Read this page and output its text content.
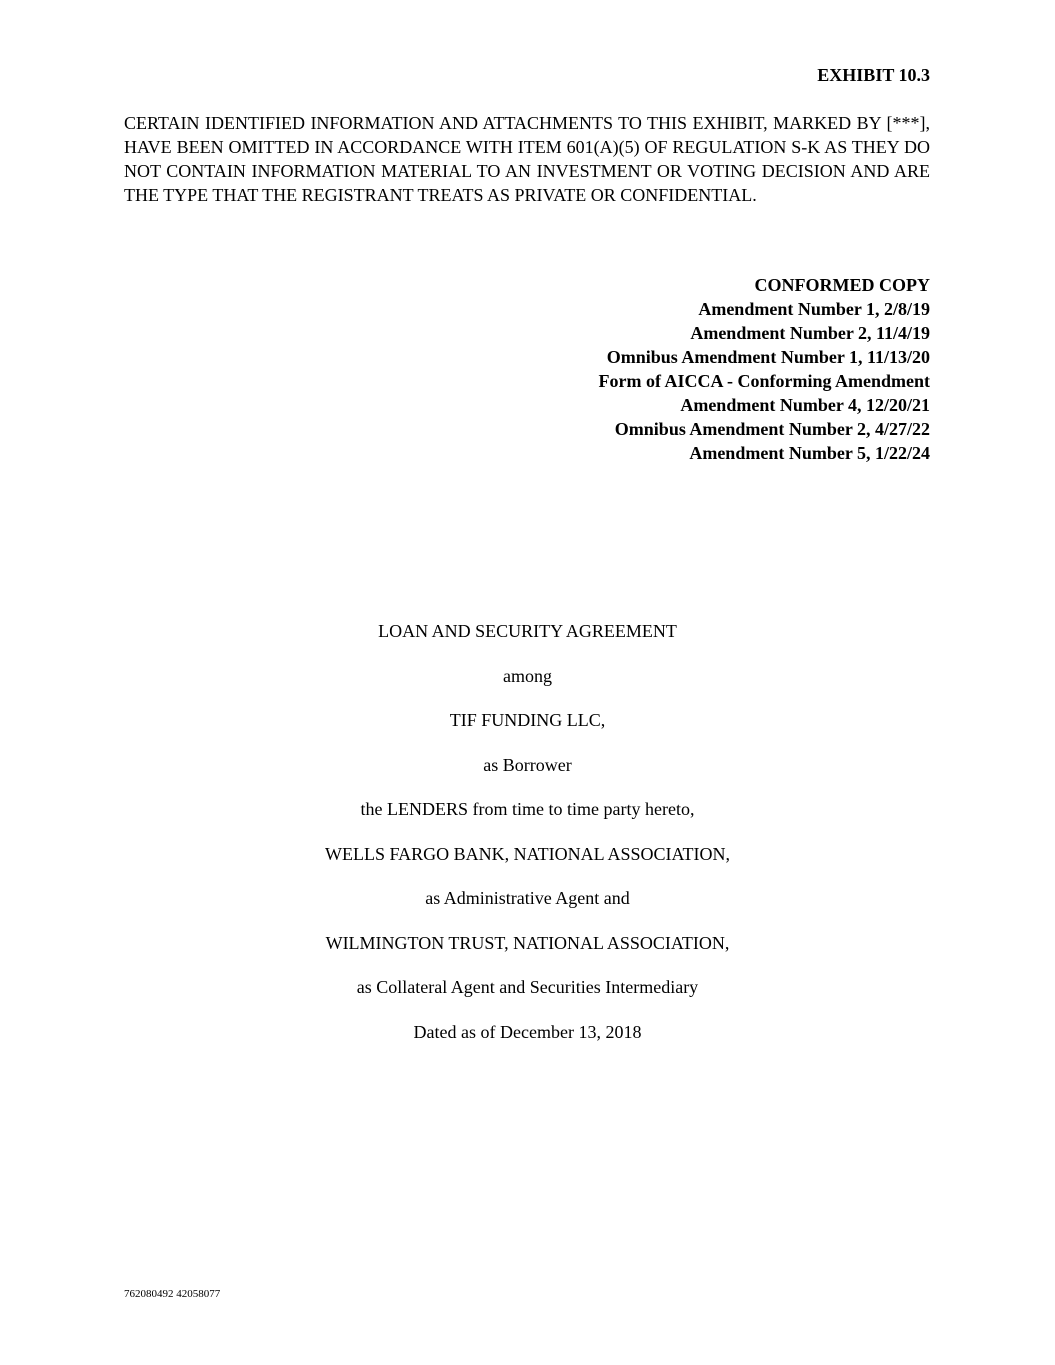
EXHIBIT 10.3
CERTAIN IDENTIFIED INFORMATION AND ATTACHMENTS TO THIS EXHIBIT, MARKED BY [***], HAVE BEEN OMITTED IN ACCORDANCE WITH ITEM 601(A)(5) OF REGULATION S-K AS THEY DO NOT CONTAIN INFORMATION MATERIAL TO AN INVESTMENT OR VOTING DECISION AND ARE THE TYPE THAT THE REGISTRANT TREATS AS PRIVATE OR CONFIDENTIAL.
CONFORMED COPY
Amendment Number 1, 2/8/19
Amendment Number 2, 11/4/19
Omnibus Amendment Number 1, 11/13/20
Form of AICCA - Conforming Amendment
Amendment Number 4, 12/20/21
Omnibus Amendment Number 2, 4/27/22
Amendment Number 5, 1/22/24
LOAN AND SECURITY AGREEMENT
among
TIF FUNDING LLC,
as Borrower
the LENDERS from time to time party hereto,
WELLS FARGO BANK, NATIONAL ASSOCIATION,
as Administrative Agent and
WILMINGTON TRUST, NATIONAL ASSOCIATION,
as Collateral Agent and Securities Intermediary
Dated as of December 13, 2018
762080492 42058077
